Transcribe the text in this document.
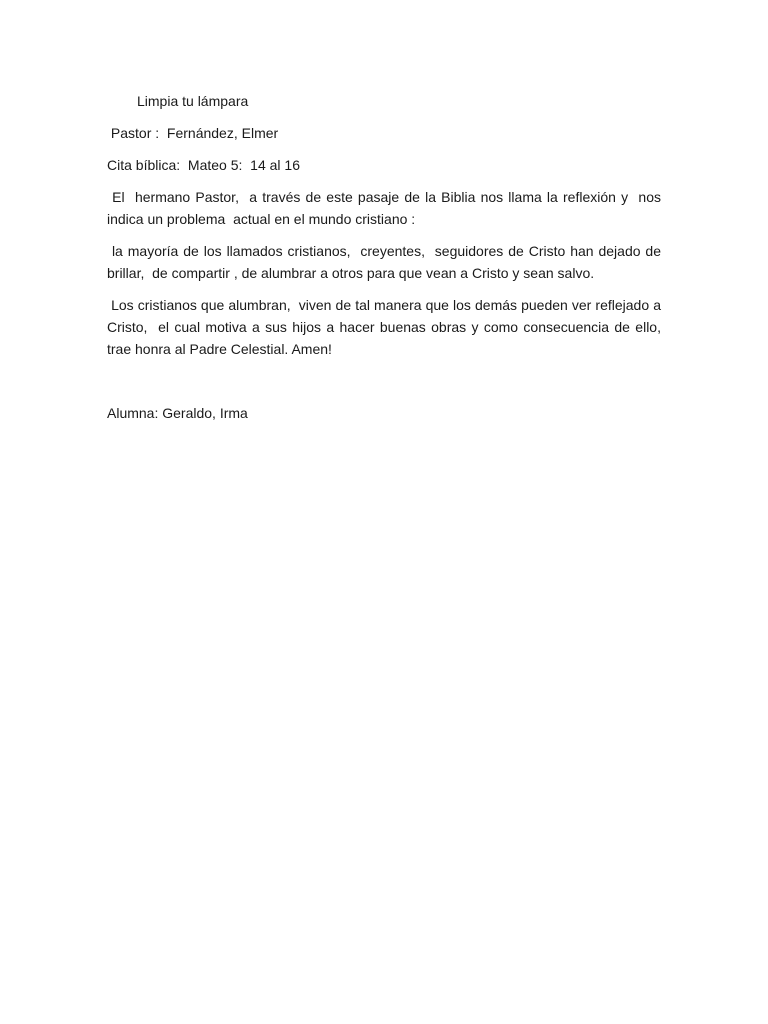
Limpia tu lámpara

Pastor :  Fernández, Elmer

Cita bíblica:  Mateo 5:  14 al 16

El  hermano Pastor,  a través de este pasaje de la Biblia nos llama la reflexión y  nos indica un problema  actual en el mundo cristiano :

la mayoría de los llamados cristianos,  creyentes,  seguidores de Cristo han dejado de brillar,  de compartir , de alumbrar a otros para que vean a Cristo y sean salvo.

Los cristianos que alumbran,  viven de tal manera que los demás pueden ver reflejado a Cristo,  el cual motiva a sus hijos a hacer buenas obras y como consecuencia de ello, trae honra al Padre Celestial. Amen!

Alumna: Geraldo, Irma
